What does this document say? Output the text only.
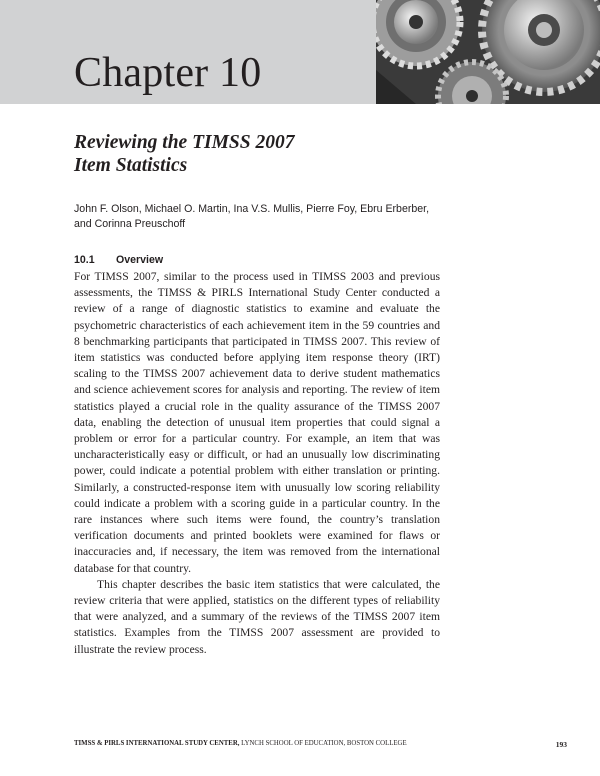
Chapter 10
Reviewing the TIMSS 2007
Item Statistics
John F. Olson, Michael O. Martin, Ina V.S. Mullis, Pierre Foy, Ebru Erberber,
and Corinna Preuschoff
10.1 Overview

For TIMSS 2007, similar to the process used in TIMSS 2003 and previous assessments, the TIMSS & PIRLS International Study Center conducted a review of a range of diagnostic statistics to examine and evaluate the psychometric characteristics of each achievement item in the 59 countries and 8 benchmarking participants that participated in TIMSS 2007. This review of item statistics was conducted before applying item response theory (IRT) scaling to the TIMSS 2007 achievement data to derive student mathematics and science achievement scores for analysis and reporting. The review of item statistics played a crucial role in the quality assurance of the TIMSS 2007 data, enabling the detection of unusual item properties that could signal a problem or error for a particular country. For example, an item that was uncharacteristically easy or difficult, or had an unusually low discriminating power, could indicate a potential problem with either translation or printing. Similarly, a constructed-response item with unusually low scoring reliability could indicate a problem with a scoring guide in a particular country. In the rare instances where such items were found, the country’s translation verification documents and printed booklets were examined for flaws or inaccuracies and, if necessary, the item was removed from the international database for that country.

This chapter describes the basic item statistics that were calculated, the review criteria that were applied, statistics on the different types of reliability that were analyzed, and a summary of the reviews of the TIMSS 2007 item statistics. Examples from the TIMSS 2007 assessment are provided to illustrate the review process.

TIMSS & PIRLS INTERNATIONAL STUDY CENTER, LYNCH SCHOOL OF EDUCATION, BOSTON COLLEGE	193
